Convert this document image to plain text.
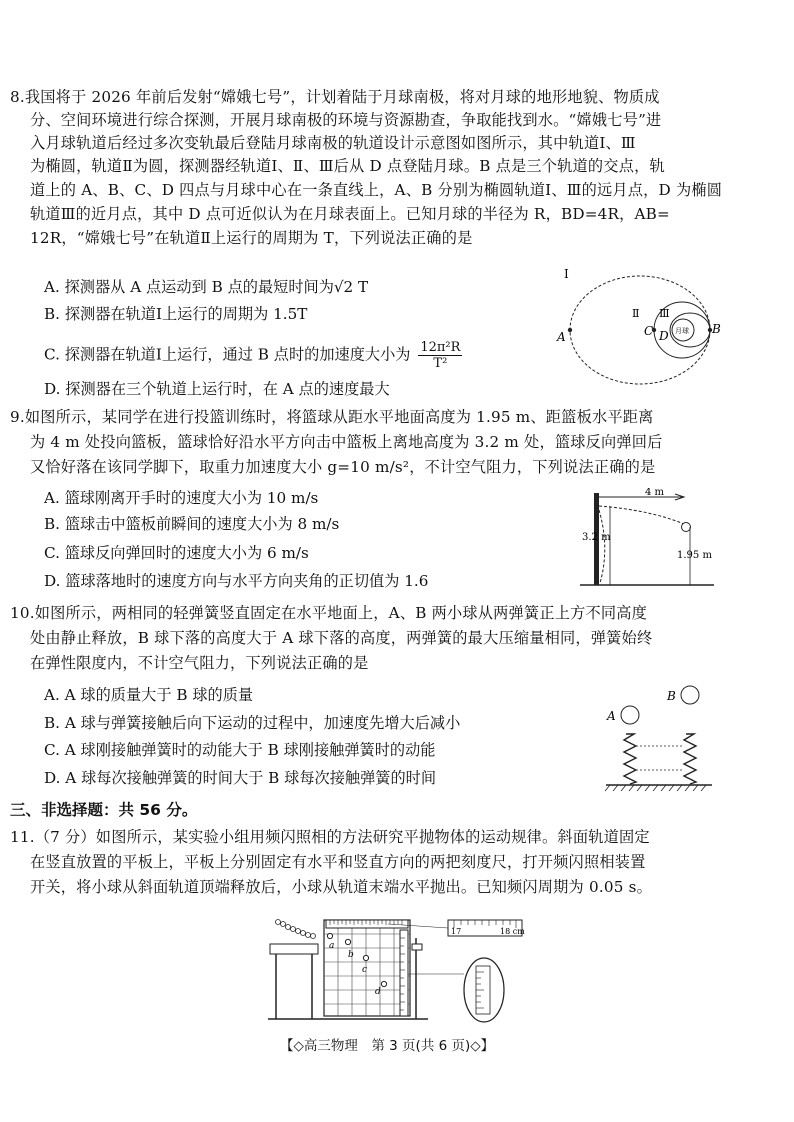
8.我国将于 2026 年前后发射“嫦娥七号”，计划着陆于月球南极，将对月球的地形地貌、物质成
分、空间环境进行综合探测，开展月球南极的环境与资源勘查，争取能找到水。“嫦娥七号”进
入月球轨道后经过多次变轨最后登陆月球南极的轨道设计示意图如图所示，其中轨道Ⅰ、Ⅲ
为椭圆，轨道Ⅱ为圆，探测器经轨道Ⅰ、Ⅱ、Ⅲ后从 D 点登陆月球。B 点是三个轨道的交点，轨
道上的 A、B、C、D 四点与月球中心在一条直线上，A、B 分别为椭圆轨道Ⅰ、Ⅲ的远月点，D 为椭圆
轨道Ⅲ的近月点，其中 D 点可近似认为在月球表面上。已知月球的半径为 R，BD=4R，AB=
12R，“嫦娥七号”在轨道Ⅱ上运行的周期为 T，下列说法正确的是
A. 探测器从 A 点运动到 B 点的最短时间为√2 T
B. 探测器在轨道Ⅰ上运行的周期为 1.5T
C. 探测器在轨道Ⅰ上运行，通过 B 点时的加速度大小为 $\frac{\text{12π²R}}{\text{T²}}$
D. 探测器在三个轨道上运行时，在 A 点的速度最大
月球
Ⅰ
Ⅱ Ⅲ
A
B
C D
9.如图所示，某同学在进行投篮训练时，将篮球从距水平地面高度为 1.95 m、距篮板水平距离
为 4 m 处投向篮板，篮球恰好沿水平方向击中篮板上离地高度为 3.2 m 处，篮球反向弹回后
又恰好落在该同学脚下，取重力加速度大小 g=10 m/s²，不计空气阻力，下列说法正确的是
A. 篮球刚离开手时的速度大小为 10 m/s
B. 篮球击中篮板前瞬间的速度大小为 8 m/s
C. 篮球反向弹回时的速度大小为 6 m/s
D. 篮球落地时的速度方向与水平方向夹角的正切值为 1.6
4 m
3.2 m
1.95 m
10.如图所示，两相同的轻弹簧竖直固定在水平地面上，A、B 两小球从两弹簧正上方不同高度
处由静止释放，B 球下落的高度大于 A 球下落的高度，两弹簧的最大压缩量相同，弹簧始终
在弹性限度内，不计空气阻力，下列说法正确的是
A. A 球的质量大于 B 球的质量
B. A 球与弹簧接触后向下运动的过程中，加速度先增大后减小
C. A 球刚接触弹簧时的动能大于 B 球刚接触弹簧时的动能
D. A 球每次接触弹簧的时间大于 B 球每次接触弹簧的时间
A
B
三、非选择题：共 56 分。
11.（7 分）如图所示，某实验小组用频闪照相的方法研究平抛物体的运动规律。斜面轨道固定
在竖直放置的平板上，平板上分别固定有水平和竖直方向的两把刻度尺，打开频闪照相装置
开关，将小球从斜面轨道顶端释放后，小球从轨道末端水平抛出。已知频闪周期为 0.05 s。
a
b
c
d
17	18 cm
【◇高三物理　第 3 页(共 6 页)◇】
